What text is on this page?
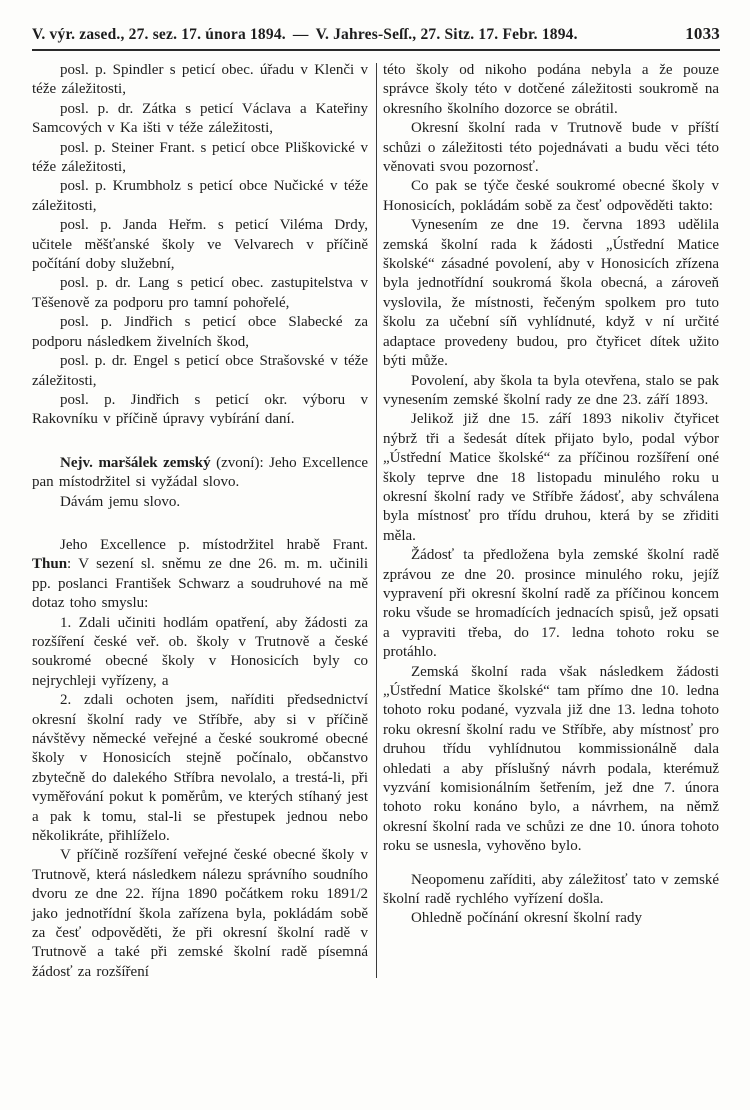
V. výr. zased., 27. sez. 17. února 1894. — V. Jahres-Seſſ., 27. Sitz. 17. Febr. 1894.	1033

posl. p. Spindler s peticí obec. úřadu v Klenči v téže záležitosti,

posl. p. dr. Zátka s peticí Václava a Kateřiny Samcových v Ka išti v téže záležitosti,

posl. p. Steiner Frant. s peticí obce Pliškovické v téže záležitosti,

posl. p. Krumbholz s peticí obce Nučické v téže záležitosti,

posl. p. Janda Heřm. s peticí Viléma Drdy, učitele měšťanské školy ve Velvarech v příčině počítání doby služební,

posl. p. dr. Lang s peticí obec. zastupitelstva v Těšenově za podporu pro tamní pohořelé,

posl. p. Jindřich s peticí obce Slabecké za podporu následkem živelních škod,

posl. p. dr. Engel s peticí obce Strašovské v téže záležitosti,

posl. p. Jindřich s peticí okr. výboru v Rakovníku v příčině úpravy vybírání daní.

Nejv. maršálek zemský (zvoní): Jeho Excellence pan místodržitel si vyžádal slovo.

Dávám jemu slovo.

Jeho Excellence p. místodržitel hrabě Frant. Thun: V sezení sl. sněmu ze dne 26. m. m. učinili pp. poslanci František Schwarz a soudruhové na mě dotaz toho smyslu:

1. Zdali učiniti hodlám opatření, aby žádosti za rozšíření české veř. ob. školy v Trutnově a české soukromé obecné školy v Honosicích byly co nejrychleji vyřízeny, a

2. zdali ochoten jsem, naříditi předsednictví okresní školní rady ve Stříbře, aby si v příčině návštěvy německé veřejné a české soukromé obecné školy v Honosicích stejně počínalo, občanstvo zbytečně do dalekého Stříbra nevolalo, a trestá-li, při vyměřování pokut k poměrům, ve kterých stíhaný jest a pak k tomu, stal-li se přestupek jednou nebo několikráte, přihlíželo.

V příčině rozšíření veřejné české obecné školy v Trutnově, která následkem nálezu správního soudního dvoru ze dne 22. října 1890 počátkem roku 1891/2 jako jednotřídní škola zařízena byla, pokládám sobě za česť odpověděti, že při okresní školní radě v Trutnově a také při zemské školní radě písemná žádosť za rozšíření

této školy od nikoho podána nebyla a že pouze správce školy této v dotčené záležitosti soukromě na okresního školního dozorce se obrátil.

Okresní školní rada v Trutnově bude v příští schůzi o záležitosti této pojednávati a budu věci této věnovati svou pozornosť.

Co pak se týče české soukromé obecné školy v Honosicích, pokládám sobě za česť odpověděti takto:

Vynesením ze dne 19. června 1893 udělila zemská školní rada k žádosti „Ústřední Matice školské“ zásadné povolení, aby v Honosicích zřízena byla jednotřídní soukromá škola obecná, a zároveň vyslovila, že místnosti, řečeným spolkem pro tuto školu za učební síň vyhlídnuté, když v ní určité adaptace provedeny budou, pro čtyřicet dítek užito býti může.

Povolení, aby škola ta byla otevřena, stalo se pak vynesením zemské školní rady ze dne 23. září 1893.

Jelikož již dne 15. září 1893 nikoliv čtyřicet nýbrž tři a šedesát dítek přijato bylo, podal výbor „Ústřední Matice školské“ za příčinou rozšíření oné školy teprve dne 18 listopadu minulého roku u okresní školní rady ve Stříbře žádosť, aby schválena byla místnosť pro třídu druhou, která by se zřiditi měla.

Žádosť ta předložena byla zemské školní radě zprávou ze dne 20. prosince minulého roku, jejíž vypravení při okresní školní radě za příčinou koncem roku všude se hromadících jednacích spisů, jež opsati a vypraviti třeba, do 17. ledna tohoto roku se protáhlo.

Zemská školní rada však následkem žádosti „Ústřední Matice školské“ tam přímo dne 10. ledna tohoto roku podané, vyzvala již dne 13. ledna tohoto roku okresní školní radu ve Stříbře, aby místnosť pro druhou třídu vyhlídnutou kommissionálně dala ohledati a aby příslušný návrh podala, kterémuž vyzvání komisionálním šetřením, jež dne 7. února tohoto roku konáno bylo, a návrhem, na němž okresní školní rada ve schůzi ze dne 10. února tohoto roku se usnesla, vyhověno bylo.

Neopomenu zaříditi, aby záležitosť tato v zemské školní radě rychlého vyřízení došla.

Ohledně počínání okresní školní rady
